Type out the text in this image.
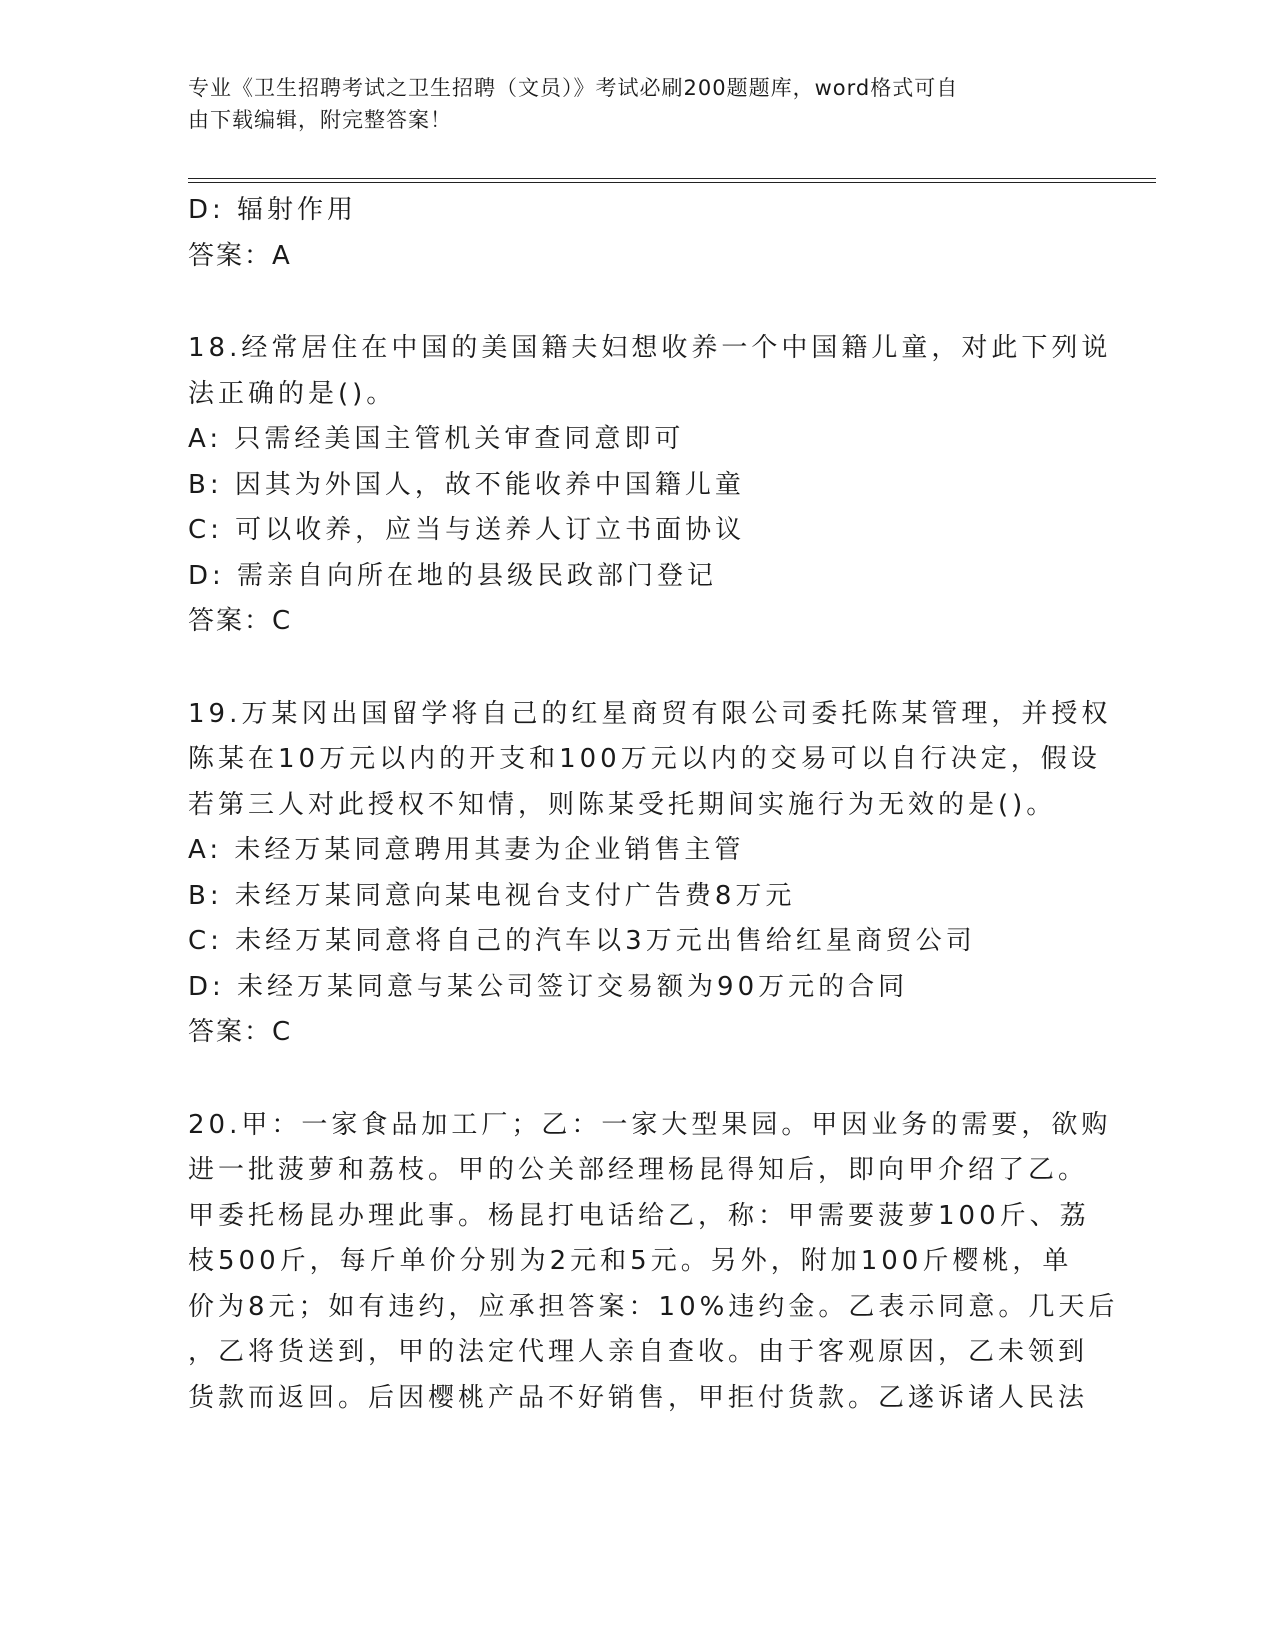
专业《卫生招聘考试之卫生招聘（文员）》考试必刷200题题库，word格式可自
由下载编辑，附完整答案！
D: 辐射作用
答案：A
18.经常居住在中国的美国籍夫妇想收养一个中国籍儿童，对此下列说
法正确的是()。
A: 只需经美国主管机关审查同意即可
B: 因其为外国人，故不能收养中国籍儿童
C: 可以收养，应当与送养人订立书面协议
D: 需亲自向所在地的县级民政部门登记
答案：C
19.万某冈出国留学将自己的红星商贸有限公司委托陈某管理，并授权
陈某在10万元以内的开支和100万元以内的交易可以自行决定，假设
若第三人对此授权不知情，则陈某受托期间实施行为无效的是()。
A: 未经万某同意聘用其妻为企业销售主管
B: 未经万某同意向某电视台支付广告费8万元
C: 未经万某同意将自己的汽车以3万元出售给红星商贸公司
D: 未经万某同意与某公司签订交易额为90万元的合同
答案：C
20.甲：一家食品加工厂；乙：一家大型果园。甲因业务的需要，欲购
进一批菠萝和荔枝。甲的公关部经理杨昆得知后，即向甲介绍了乙。
甲委托杨昆办理此事。杨昆打电话给乙，称：甲需要菠萝100斤、荔
枝500斤，每斤单价分别为2元和5元。另外，附加100斤樱桃，单
价为8元；如有违约，应承担答案：10%违约金。乙表示同意。几天后
，乙将货送到，甲的法定代理人亲自查收。由于客观原因，乙未领到
货款而返回。后因樱桃产品不好销售，甲拒付货款。乙遂诉诸人民法
